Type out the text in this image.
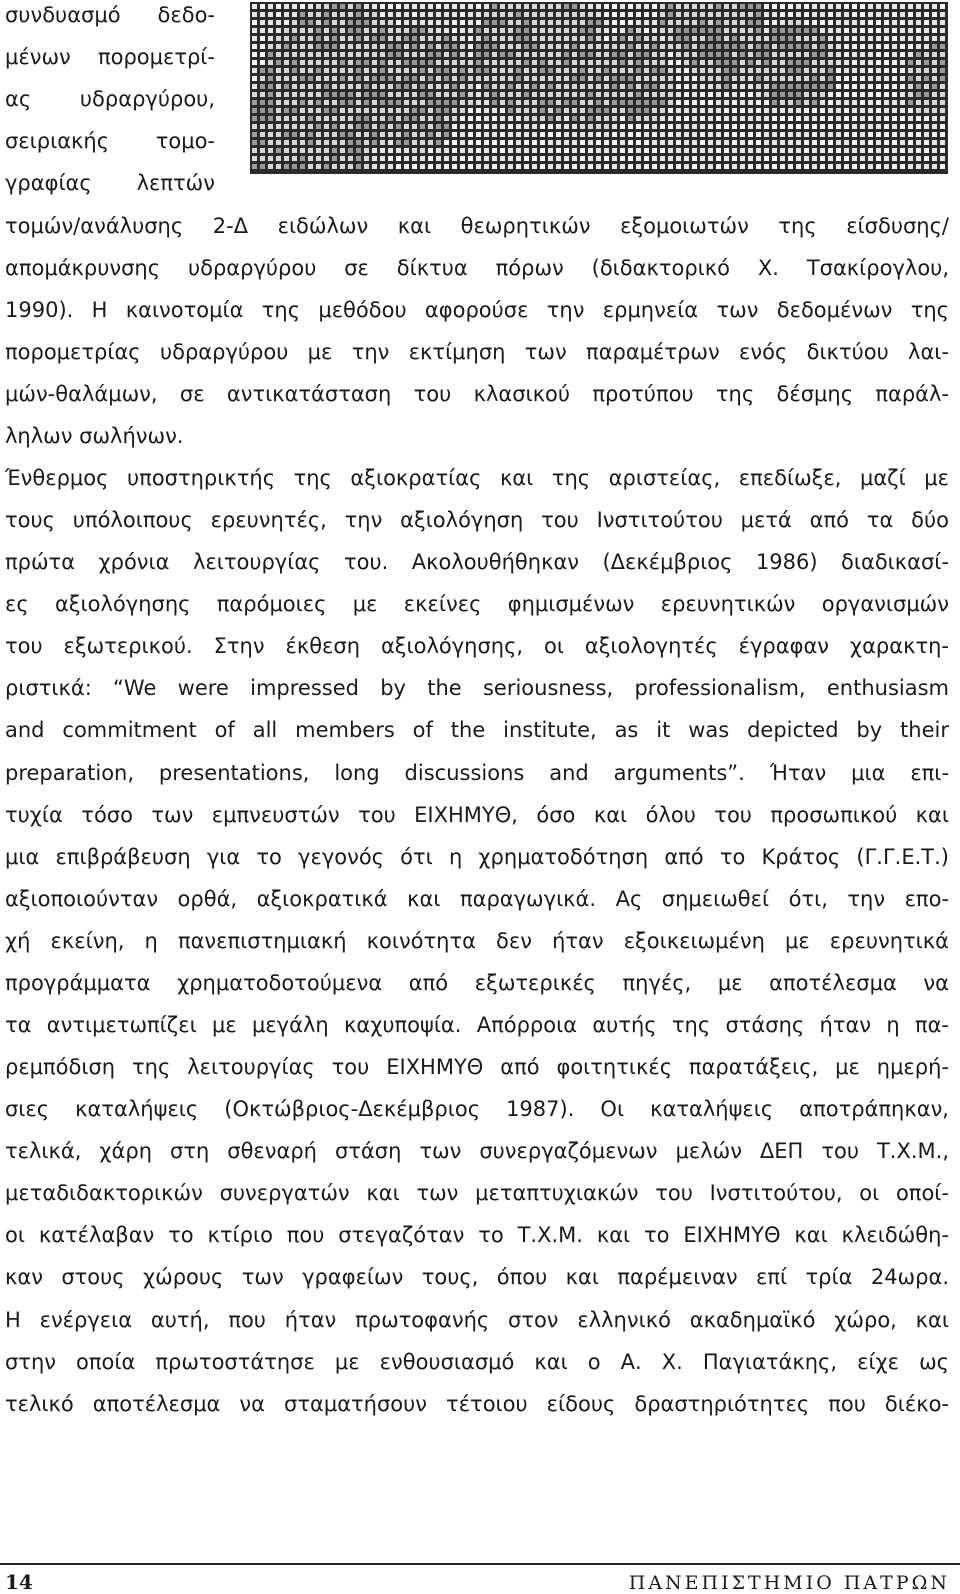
συνδυασμό δεδο-
μένων πορομετρί-
ας υδραργύρου,
σειριακής τομο-
γραφίας λεπτών
τομών/ανάλυσης 2-Δ ειδώλων και θεωρητικών εξομοιωτών της είσδυσης/
απομάκρυνσης υδραργύρου σε δίκτυα πόρων (διδακτορικό Χ. Τσακίρογλου,
1990). Η καινοτομία της μεθόδου αφορούσε την ερμηνεία των δεδομένων της
πορομετρίας υδραργύρου με την εκτίμηση των παραμέτρων ενός δικτύου λαι-
μών-θαλάμων, σε αντικατάσταση του κλασικού προτύπου της δέσμης παράλ-
ληλων σωλήνων.
Ένθερμος υποστηρικτής της αξιοκρατίας και της αριστείας, επεδίωξε, μαζί με
τους υπόλοιπους ερευνητές, την αξιολόγηση του Ινστιτούτου μετά από τα δύο
πρώτα χρόνια λειτουργίας του. Ακολουθήθηκαν (Δεκέμβριος 1986) διαδικασί-
ες αξιολόγησης παρόμοιες με εκείνες φημισμένων ερευνητικών οργανισμών
του εξωτερικού. Στην έκθεση αξιολόγησης, οι αξιολογητές έγραφαν χαρακτη-
ριστικά: “We were impressed by the seriousness, professionalism, enthusiasm
and commitment of all members of the institute, as it was depicted by their
preparation, presentations, long discussions and arguments”. Ήταν μια επι-
τυχία τόσο των εμπνευστών του ΕΙΧΗΜΥΘ, όσο και όλου του προσωπικού και
μια επιβράβευση για το γεγονός ότι η χρηματοδότηση από το Κράτος (Γ.Γ.Ε.Τ.)
αξιοποιούνταν ορθά, αξιοκρατικά και παραγωγικά. Ας σημειωθεί ότι, την επο-
χή εκείνη, η πανεπιστημιακή κοινότητα δεν ήταν εξοικειωμένη με ερευνητικά
προγράμματα χρηματοδοτούμενα από εξωτερικές πηγές, με αποτέλεσμα να
τα αντιμετωπίζει με μεγάλη καχυποψία. Απόρροια αυτής της στάσης ήταν η πα-
ρεμπόδιση της λειτουργίας του ΕΙΧΗΜΥΘ από φοιτητικές παρατάξεις, με ημερή-
σιες καταλήψεις (Οκτώβριος-Δεκέμβριος 1987). Οι καταλήψεις αποτράπηκαν,
τελικά, χάρη στη σθεναρή στάση των συνεργαζόμενων μελών ΔΕΠ του Τ.Χ.Μ.,
μεταδιδακτορικών συνεργατών και των μεταπτυχιακών του Ινστιτούτου, οι οποί-
οι κατέλαβαν το κτίριο που στεγαζόταν το Τ.Χ.Μ. και το ΕΙΧΗΜΥΘ και κλειδώθη-
καν στους χώρους των γραφείων τους, όπου και παρέμειναν επί τρία 24ωρα.
Η ενέργεια αυτή, που ήταν πρωτοφανής στον ελληνικό ακαδημαϊκό χώρο, και
στην οποία πρωτοστάτησε με ενθουσιασμό και ο Α. Χ. Παγιατάκης, είχε ως
τελικό αποτέλεσμα να σταματήσουν τέτοιου είδους δραστηριότητες που διέκο-
14	ΠΑΝΕΠΙΣΤΗΜΙΟ ΠΑΤΡΩΝ
